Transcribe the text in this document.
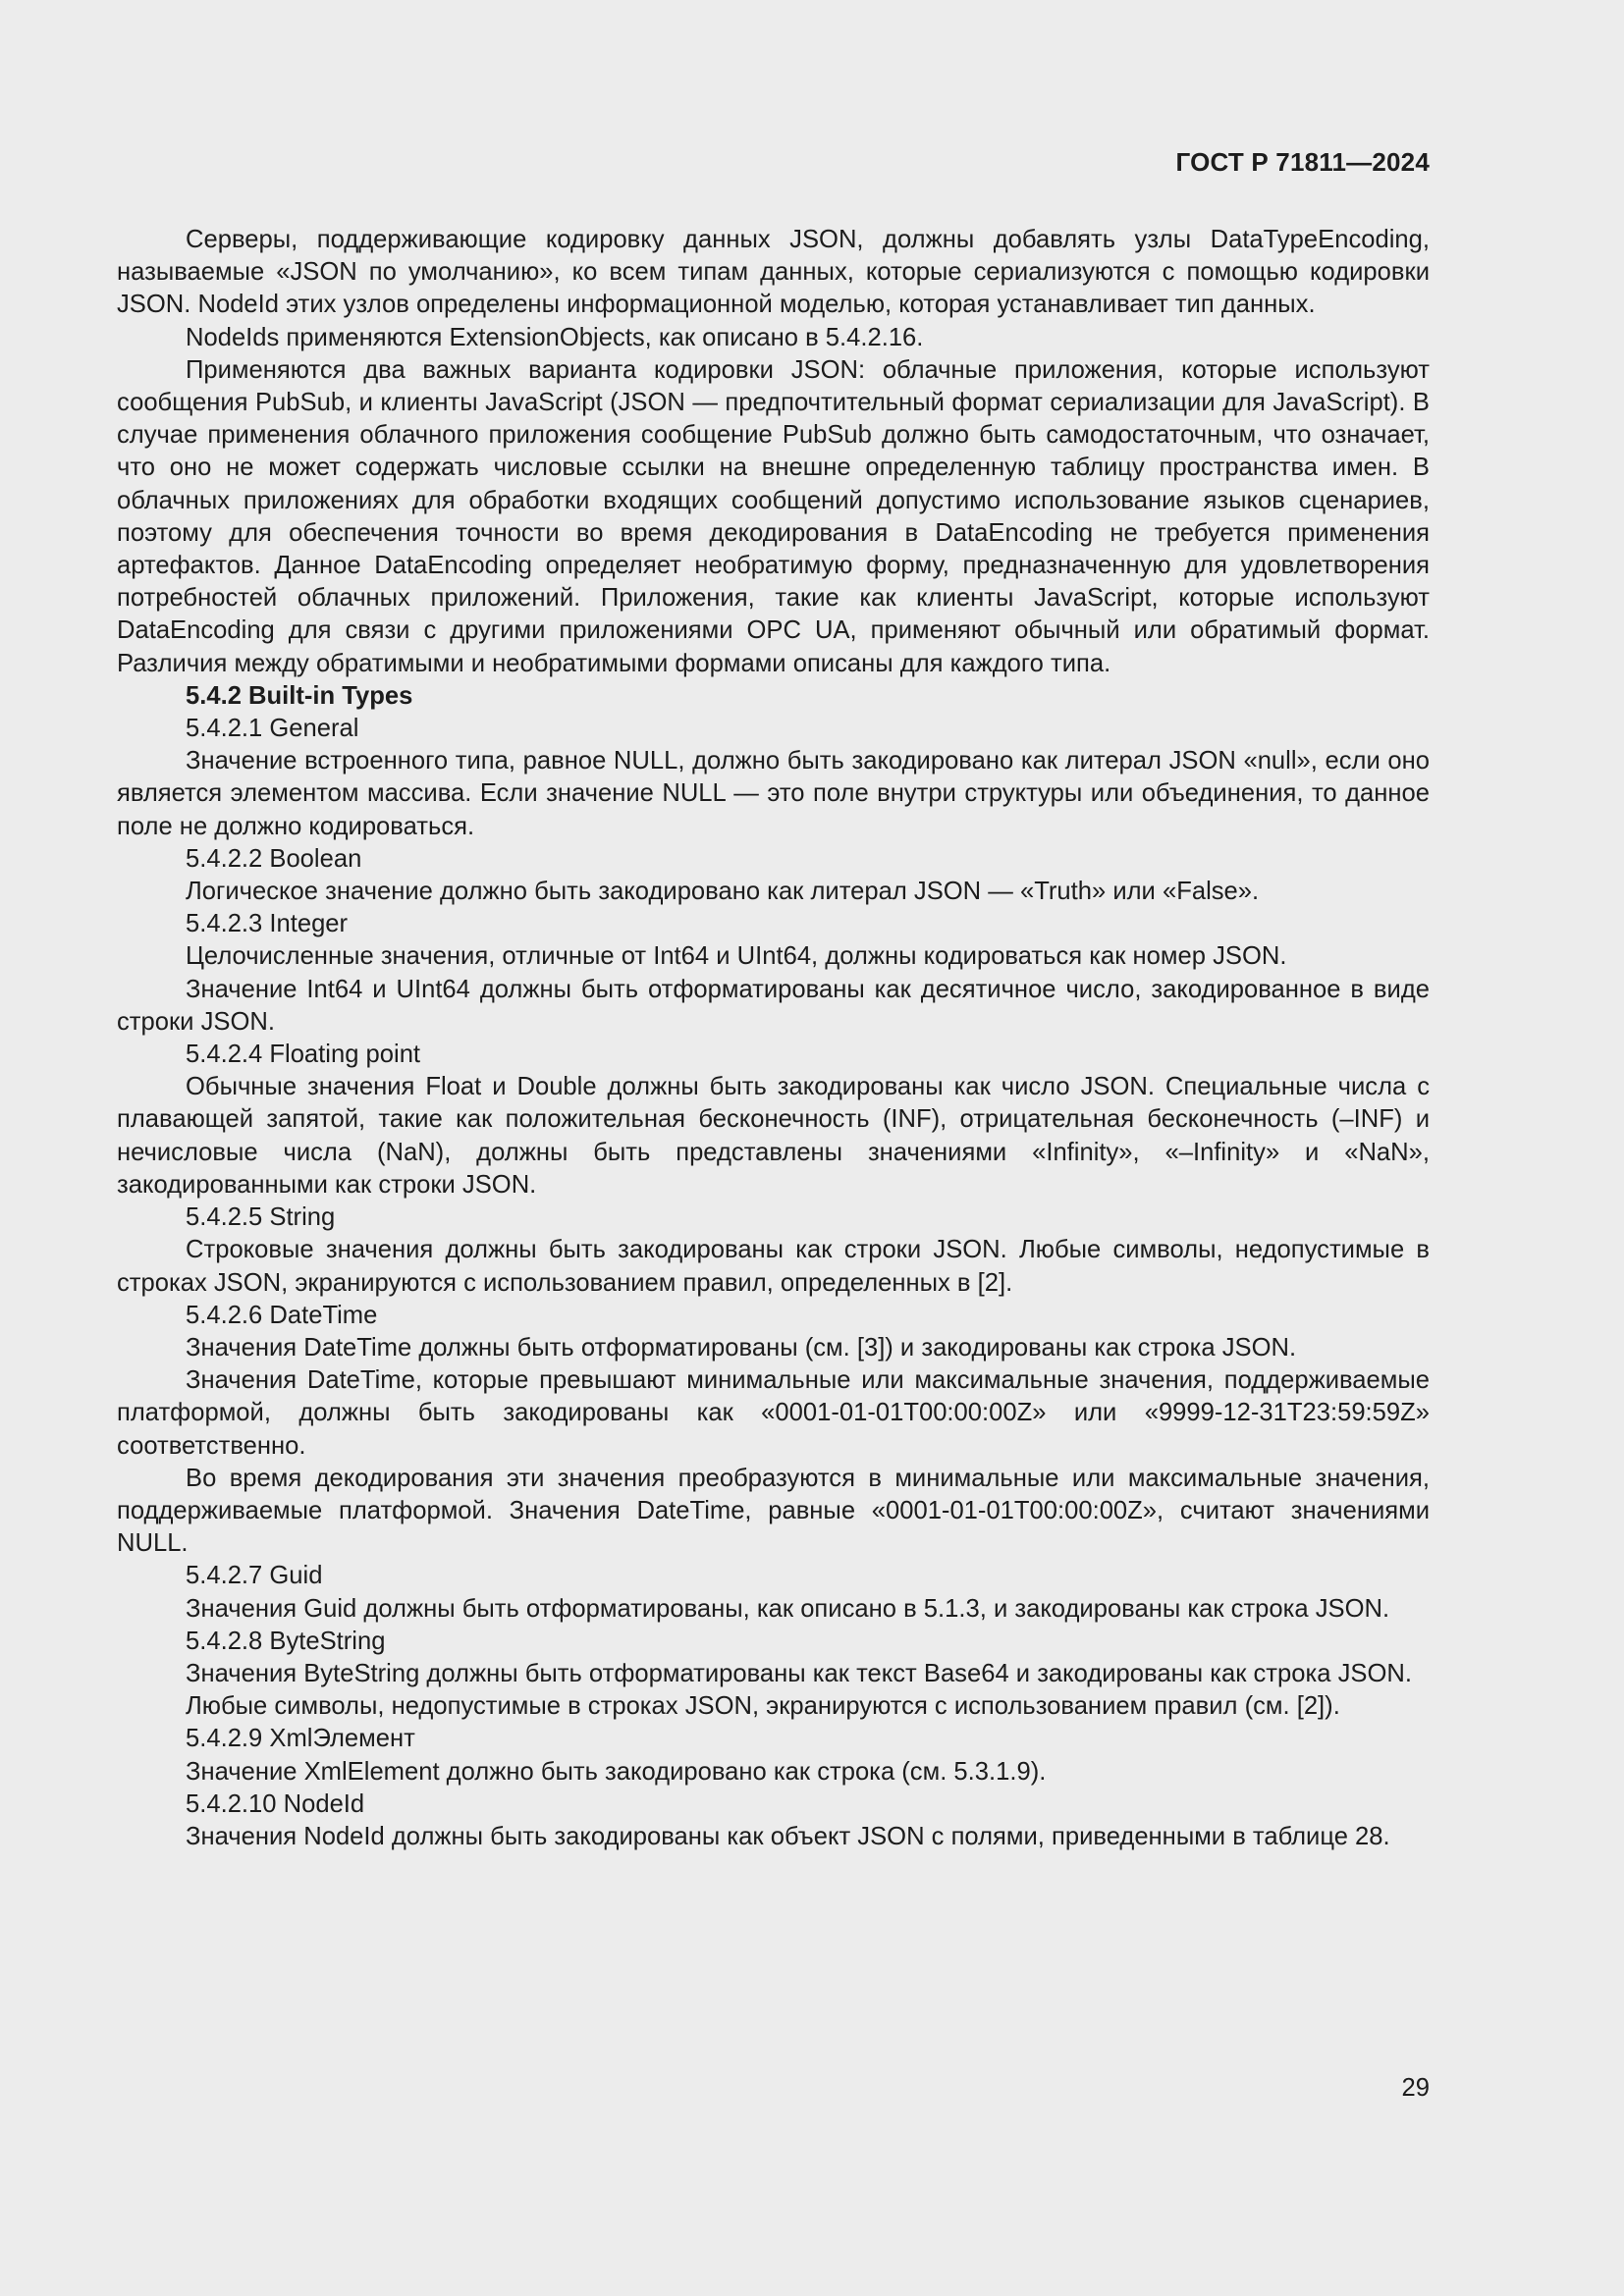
ГОСТ Р 71811—2024

Серверы, поддерживающие кодировку данных JSON, должны добавлять узлы DataTypeEncoding, называемые «JSON по умолчанию», ко всем типам данных, которые сериализуются с помощью кодировки JSON. NodeId этих узлов определены информационной моделью, которая устанавливает тип данных.

NodeIds применяются ExtensionObjects, как описано в 5.4.2.16.

Применяются два важных варианта кодировки JSON: облачные приложения, которые используют сообщения PubSub, и клиенты JavaScript (JSON — предпочтительный формат сериализации для JavaScript). В случае применения облачного приложения сообщение PubSub должно быть самодостаточным, что означает, что оно не может содержать числовые ссылки на внешне определенную таблицу пространства имен. В облачных приложениях для обработки входящих сообщений допустимо использование языков сценариев, поэтому для обеспечения точности во время декодирования в DataEncoding не требуется применения артефактов. Данное DataEncoding определяет необратимую форму, предназначенную для удовлетворения потребностей облачных приложений. Приложения, такие как клиенты JavaScript, которые используют DataEncoding для связи с другими приложениями OPC UA, применяют обычный или обратимый формат. Различия между обратимыми и необратимыми формами описаны для каждого типа.

5.4.2 Built-in Types

5.4.2.1 General

Значение встроенного типа, равное NULL, должно быть закодировано как литерал JSON «null», если оно является элементом массива. Если значение NULL — это поле внутри структуры или объединения, то данное поле не должно кодироваться.

5.4.2.2 Boolean

Логическое значение должно быть закодировано как литерал JSON — «Truth» или «False».

5.4.2.3 Integer

Целочисленные значения, отличные от Int64 и UInt64, должны кодироваться как номер JSON.

Значение Int64 и UInt64 должны быть отформатированы как десятичное число, закодированное в виде строки JSON.

5.4.2.4 Floating point

Обычные значения Float и Double должны быть закодированы как число JSON. Специальные числа с плавающей запятой, такие как положительная бесконечность (INF), отрицательная бесконечность (–INF) и нечисловые числа (NaN), должны быть представлены значениями «Infinity», «–Infinity» и «NaN», закодированными как строки JSON.

5.4.2.5 String

Строковые значения должны быть закодированы как строки JSON. Любые символы, недопустимые в строках JSON, экранируются с использованием правил, определенных в [2].

5.4.2.6 DateTime

Значения DateTime должны быть отформатированы (см. [3]) и закодированы как строка JSON.

Значения DateTime, которые превышают минимальные или максимальные значения, поддерживаемые платформой, должны быть закодированы как «0001-01-01T00:00:00Z» или «9999-12-31T23:59:59Z» соответственно.

Во время декодирования эти значения преобразуются в минимальные или максимальные значения, поддерживаемые платформой. Значения DateTime, равные «0001-01-01T00:00:00Z», считают значениями NULL.

5.4.2.7 Guid

Значения Guid должны быть отформатированы, как описано в 5.1.3, и закодированы как строка JSON.

5.4.2.8 ByteString

Значения ByteString должны быть отформатированы как текст Base64 и закодированы как строка JSON.

Любые символы, недопустимые в строках JSON, экранируются с использованием правил (см. [2]).

5.4.2.9 XmlЭлемент

Значение XmlElement должно быть закодировано как строка (см. 5.3.1.9).

5.4.2.10 NodeId

Значения NodeId должны быть закодированы как объект JSON с полями, приведенными в таблице 28.

29
